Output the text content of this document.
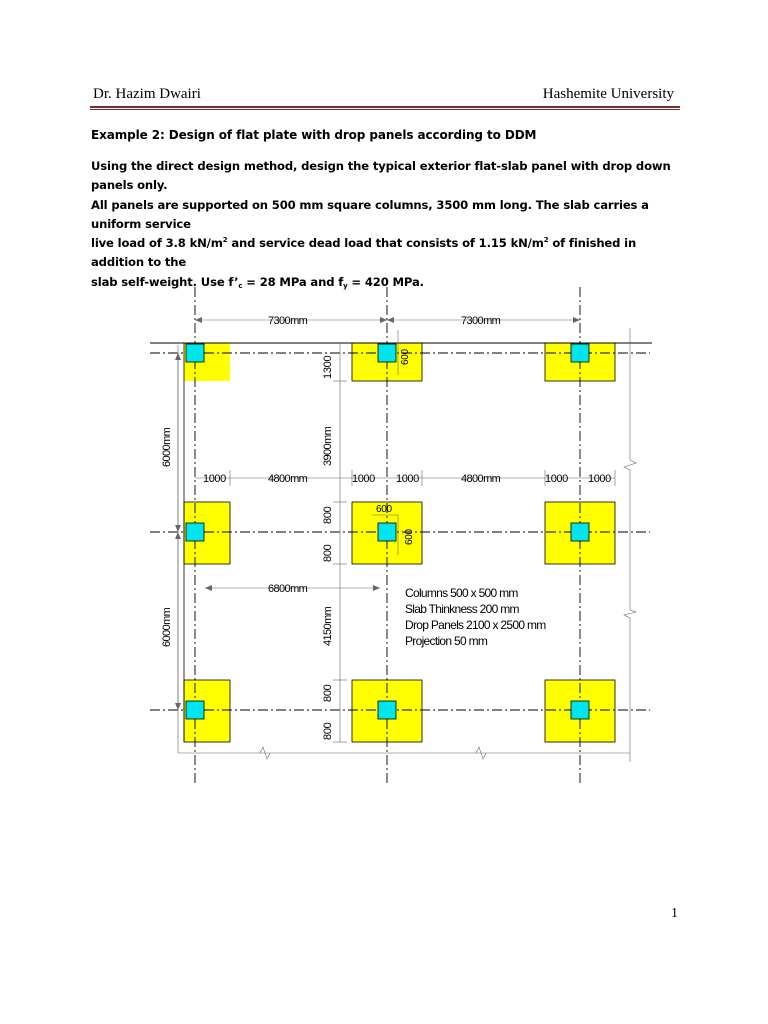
Dr. Hazim Dwairi	Hashemite University
Example 2: Design of flat plate with drop panels according to DDM
Using the direct design method, design the typical exterior flat-slab panel with drop down panels only.
All panels are supported on 500 mm square columns, 3500 mm long. The slab carries a uniform service
live load of 3.8 $kN/m^2$ and service dead load that consists of 1.15 $kN/m^2$ of finished in addition to the
slab self-weight. Use $f’_c = 28$ MPa and $f_y = 420$ MPa.
7300mm	7300mm
1300	600
6000mm	3900mm
1000	4800mm	1000 1000	4800mm	1000 1000
600
600
800
800
6800mm
6000mm	4150mm
800
800
Columns 500 x 500 mm
Slab Thinkness 200 mm
Drop Panels 2100 x 2500 mm
Projection 50 mm
1
